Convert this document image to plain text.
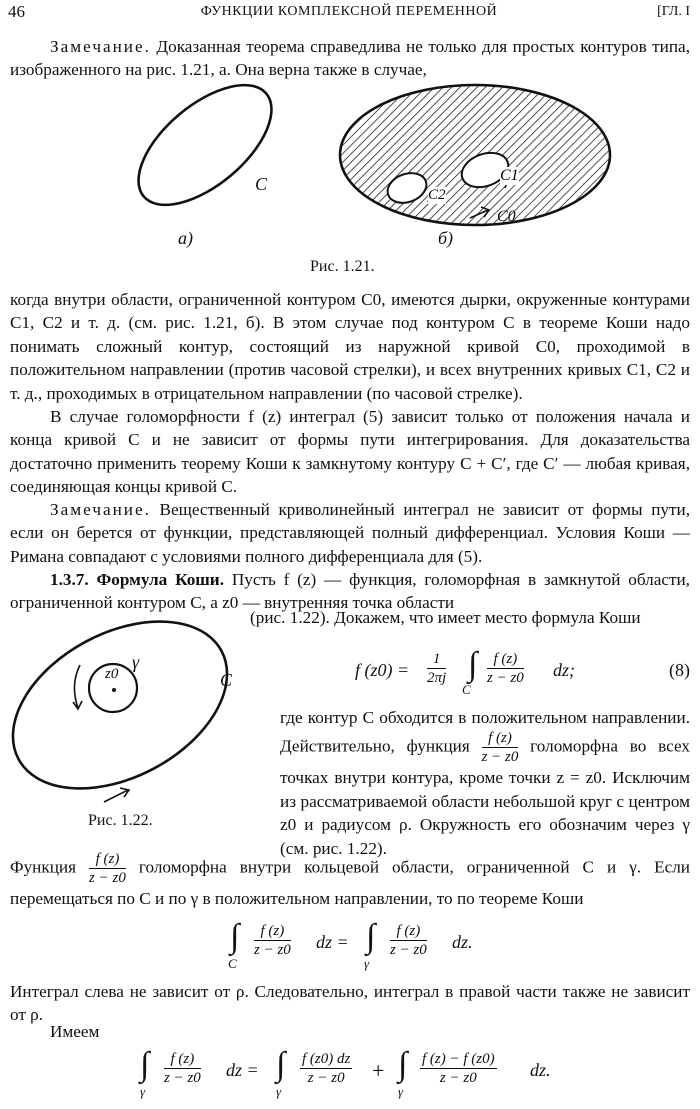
46	ФУНКЦИИ КОМПЛЕКСНОЙ ПЕРЕМЕННОЙ	[ГЛ. I

Замечание. Доказанная теорема справедлива не только для простых контуров типа, изображенного на рис. 1.21, а. Она верна также в случае,

C
а)	б)
C1
C2
C0
Рис. 1.21.

когда внутри области, ограниченной контуром C0, имеются дырки, окруженные контурами C1, C2 и т. д. (см. рис. 1.21, б). В этом случае под контуром C в теореме Коши надо понимать сложный контур, состоящий из наружной кривой C0, проходимой в положительном направлении (против часовой стрелки), и всех внутренних кривых C1, C2 и т. д., проходимых в отрицательном направлении (по часовой стрелке).

В случае голоморфности f (z) интеграл (5) зависит только от положения начала и конца кривой C и не зависит от формы пути интегрирования. Для доказательства достаточно применить теорему Коши к замкнутому контуру C + C′, где C′ — любая кривая, соединяющая концы кривой C.

Замечание. Вещественный криволинейный интеграл не зависит от формы пути, если он берется от функции, представляющей полный дифференциал. Условия Коши — Римана совпадают с условиями полного дифференциала для (5).

1.3.7. Формула Коши. Пусть f (z) — функция, голоморфная в замкнутой области, ограниченной контуром C, а z0 — внутренняя точка области

z0
γ
C
Рис. 1.22.

(рис. 1.22). Докажем, что имеет место формула Коши

f $(z0) = \frac{1}{2\pi j}$ ∫
C
$\frac{f (z)}{z - z0}$ dz;	(8)

где контур C обходится в положительном направлении. Действительно, функция $\frac{f (z)}{z - z0}$ голоморфна во всех точках внутри контура, кроме точки z = z0. Исключим из рассматриваемой области небольшой круг с центром z0 и радиусом ρ. Окружность его обозначим через γ (см. рис. 1.22).

Функция $\frac{f (z)}{z - z0}$ голоморфна внутри кольцевой области, ограниченной C и γ. Если перемещаться по C и по γ в положительном направлении, то по теореме Коши

∫
C
$\frac{f (z)}{z - z0}$ dz = ∫
γ
$\frac{f (z)}{z - z0}$ dz.

Интеграл слева не зависит от ρ. Следовательно, интеграл в правой части также не зависит от ρ.

Имеем

∫
γ
$\frac{f (z)}{z - z0}$ dz = ∫
γ
$\frac{f (z0) dz}{z - z0}$ + ∫
γ
$\frac{f (z) - f (z0)}{z - z0}$ dz.
